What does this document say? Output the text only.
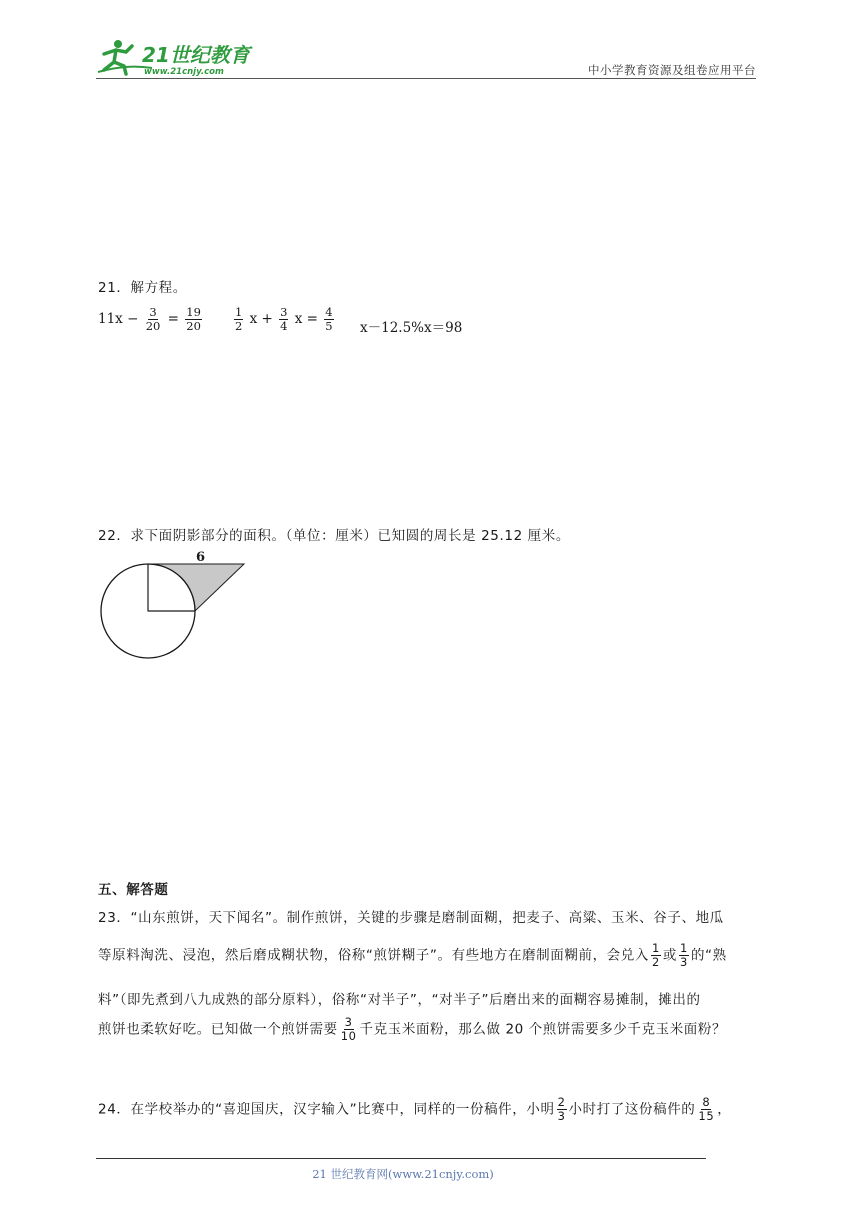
21世纪教育
www.21cnjy.com	中小学教育资源及组卷应用平台
21．解方程。
$11x - \frac{3}{20} = \frac{19}{20}$	$\frac{1}{2}$ $x + \frac{3}{4}$ $x = \frac{4}{5} x-12.5\%x=98$
22．求下面阴影部分的面积。（单位：厘米）已知圆的周长是 25.12 厘米。
6
五、解答题
23．“山东煎饼，天下闻名”。制作煎饼，关键的步骤是磨制面糊，把麦子、高粱、玉米、谷子、地瓜
等原料淘洗、浸泡，然后磨成糊状物，俗称“煎饼糊子”。有些地方在磨制面糊前，会兑入 $\frac{1}{2}$ 或 $\frac{1}{3}$ 的“熟
料”（即先煮到八九成熟的部分原料），俗称“对半子”，“对半子”后磨出来的面糊容易摊制，摊出的
煎饼也柔软好吃。已知做一个煎饼需要 $\frac{3}{10}$ 千克玉米面粉，那么做 20 个煎饼需要多少千克玉米面粉？
24．在学校举办的“喜迎国庆，汉字输入”比赛中，同样的一份稿件，小明 $\frac{2}{3}$ 小时打了这份稿件的 $\frac{8}{15}$ ，
21 世纪教育网(www.21cnjy.com)
